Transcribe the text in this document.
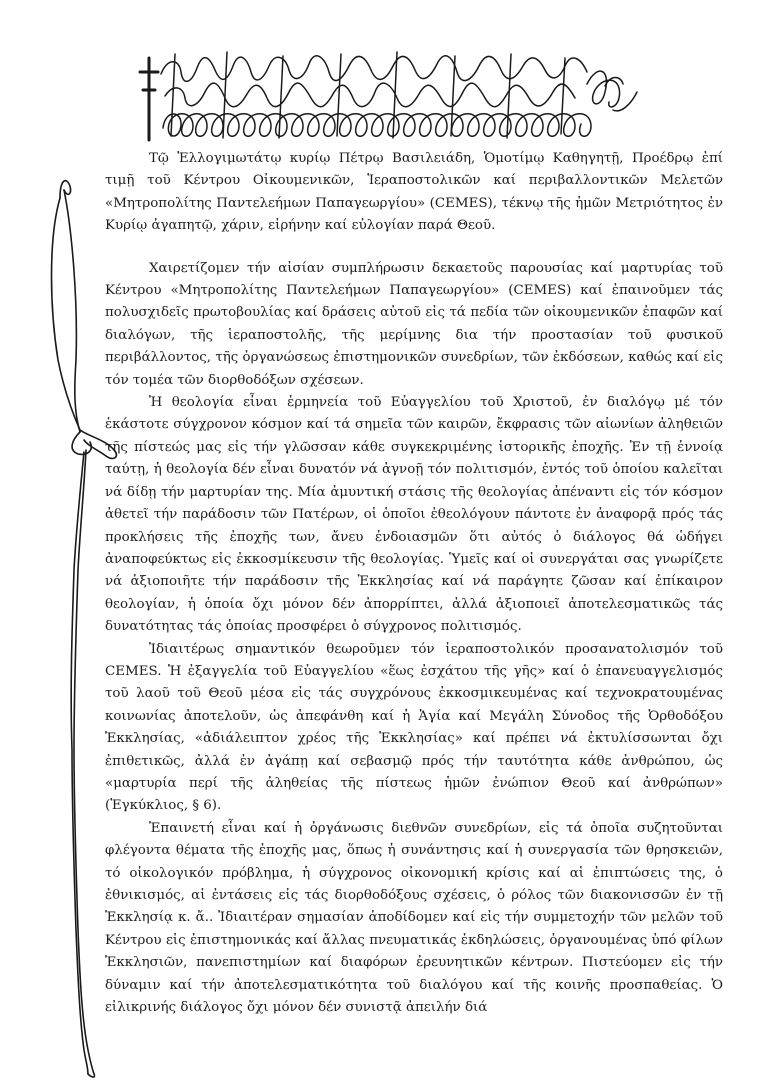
Τῷ Ἐλλογιμωτάτῳ κυρίῳ Πέτρῳ Βασιλειάδη, Ὁμοτίμῳ Καθηγητῇ, Προέδρῳ ἐπί τιμῇ τοῦ Κέντρου Οἰκουμενικῶν, Ἱεραποστολικῶν καί περιβαλλοντικῶν Μελετῶν «Μητροπολίτης Παντελεήμων Παπαγεωργίου» (CEMES), τέκνῳ τῆς ἡμῶν Μετριότητος ἐν Κυρίῳ ἀγαπητῷ, χάριν, εἰρήνην καί εὐλογίαν παρά Θεοῦ.

Χαιρετίζομεν τήν αἰσίαν συμπλήρωσιν δεκαετοῦς παρουσίας καί μαρτυρίας τοῦ Κέντρου «Μητροπολίτης Παντελεήμων Παπαγεωργίου» (CEMES) καί ἐπαινοῦμεν τάς πολυσχιδεῖς πρωτοβουλίας καί δράσεις αὐτοῦ εἰς τά πεδία τῶν οἰκουμενικῶν ἐπαφῶν καί διαλόγων, τῆς ἱεραποστολῆς, τῆς μερίμνης δια τήν προστασίαν τοῦ φυσικοῦ περιβάλλοντος, τῆς ὀργανώσεως ἐπιστημονικῶν συνεδρίων, τῶν ἐκδόσεων, καθώς καί εἰς τόν τομέα τῶν διορθοδόξων σχέσεων.

Ἡ θεολογία εἶναι ἑρμηνεία τοῦ Εὐαγγελίου τοῦ Χριστοῦ, ἐν διαλόγῳ μέ τόν ἑκάστοτε σύγχρονον κόσμον καί τά σημεῖα τῶν καιρῶν, ἔκφρασις τῶν αἰωνίων ἀληθειῶν τῆς πίστεώς μας εἰς τήν γλῶσσαν κάθε συγκεκριμένης ἱστορικῆς ἐποχῆς. Ἐν τῇ ἐννοίᾳ ταύτῃ, ἡ θεολογία δέν εἶναι δυνατόν νά ἀγνοῇ τόν πολιτισμόν, ἐντός τοῦ ὁποίου καλεῖται νά δίδῃ τήν μαρτυρίαν της. Μία ἀμυντική στάσις τῆς θεολογίας ἀπέναντι εἰς τόν κόσμον ἀθετεῖ τήν παράδοσιν τῶν Πατέρων, οἱ ὁποῖοι ἐθεολόγουν πάντοτε ἐν ἀναφορᾷ πρός τάς προκλήσεις τῆς ἐποχῆς των, ἄνευ ἐνδοιασμῶν ὅτι αὐτός ὁ διάλογος θά ὡδήγει ἀναποφεύκτως εἰς ἐκκοσμίκευσιν τῆς θεολογίας. Ὑμεῖς καί οἱ συνεργάται σας γνωρίζετε νά ἀξιοποιῆτε τήν παράδοσιν τῆς Ἐκκλησίας καί νά παράγητε ζῶσαν καί ἐπίκαιρον θεολογίαν, ἡ ὁποία ὄχι μόνον δέν ἀπορρίπτει, ἀλλά ἀξιοποιεῖ ἀποτελεσματικῶς τάς δυνατότητας τάς ὁποίας προσφέρει ὁ σύγχρονος πολιτισμός.

Ἰδιαιτέρως σημαντικόν θεωροῦμεν τόν ἱεραποστολικόν προσανατολισμόν τοῦ CEMES. Ἡ ἐξαγγελία τοῦ Εὐαγγελίου «ἕως ἐσχάτου τῆς γῆς» καί ὁ ἐπανευαγγελισμός τοῦ λαοῦ τοῦ Θεοῦ μέσα εἰς τάς συγχρόνους ἐκκοσμικευμένας καί τεχνοκρατουμένας κοινωνίας ἀποτελοῦν, ὡς ἀπεφάνθη καί ἡ Ἁγία καί Μεγάλη Σύνοδος τῆς Ὀρθοδόξου Ἐκκλησίας, «ἀδιάλειπτον χρέος τῆς Ἐκκλησίας» καί πρέπει νά ἐκτυλίσσωνται ὄχι ἐπιθετικῶς, ἀλλά ἐν ἀγάπῃ καί σεβασμῷ πρός τήν ταυτότητα κάθε ἀνθρώπου, ὡς «μαρτυρία περί τῆς ἀληθείας τῆς πίστεως ἡμῶν ἐνώπιον Θεοῦ καί ἀνθρώπων» (Ἐγκύκλιος, § 6).

Ἐπαινετή εἶναι καί ἡ ὀργάνωσις διεθνῶν συνεδρίων, εἰς τά ὁποῖα συζητοῦνται φλέγοντα θέματα τῆς ἐποχῆς μας, ὅπως ἡ συνάντησις καί ἡ συνεργασία τῶν θρησκειῶν, τό οἰκολογικόν πρόβλημα, ἡ σύγχρονος οἰκονομική κρίσις καί αἱ ἐπιπτώσεις της, ὁ ἐθνικισμός, αἱ ἐντάσεις εἰς τάς διορθοδόξους σχέσεις, ὁ ρόλος τῶν διακονισσῶν ἐν τῇ Ἐκκλησίᾳ κ. ἄ.. Ἰδιαιτέραν σημασίαν ἀποδίδομεν καί εἰς τήν συμμετοχήν τῶν μελῶν τοῦ Κέντρου εἰς ἐπιστημονικάς καί ἄλλας πνευματικάς ἐκδηλώσεις, ὀργανουμένας ὑπό φίλων Ἐκκλησιῶν, πανεπιστημίων καί διαφόρων ἐρευνητικῶν κέντρων. Πιστεύομεν εἰς τήν δύναμιν καί τήν ἀποτελεσματικότητα τοῦ διαλόγου καί τῆς κοινῆς προσπαθείας. Ὁ εἰλικρινής διάλογος ὄχι μόνον δέν συνιστᾷ ἀπειλήν διά
